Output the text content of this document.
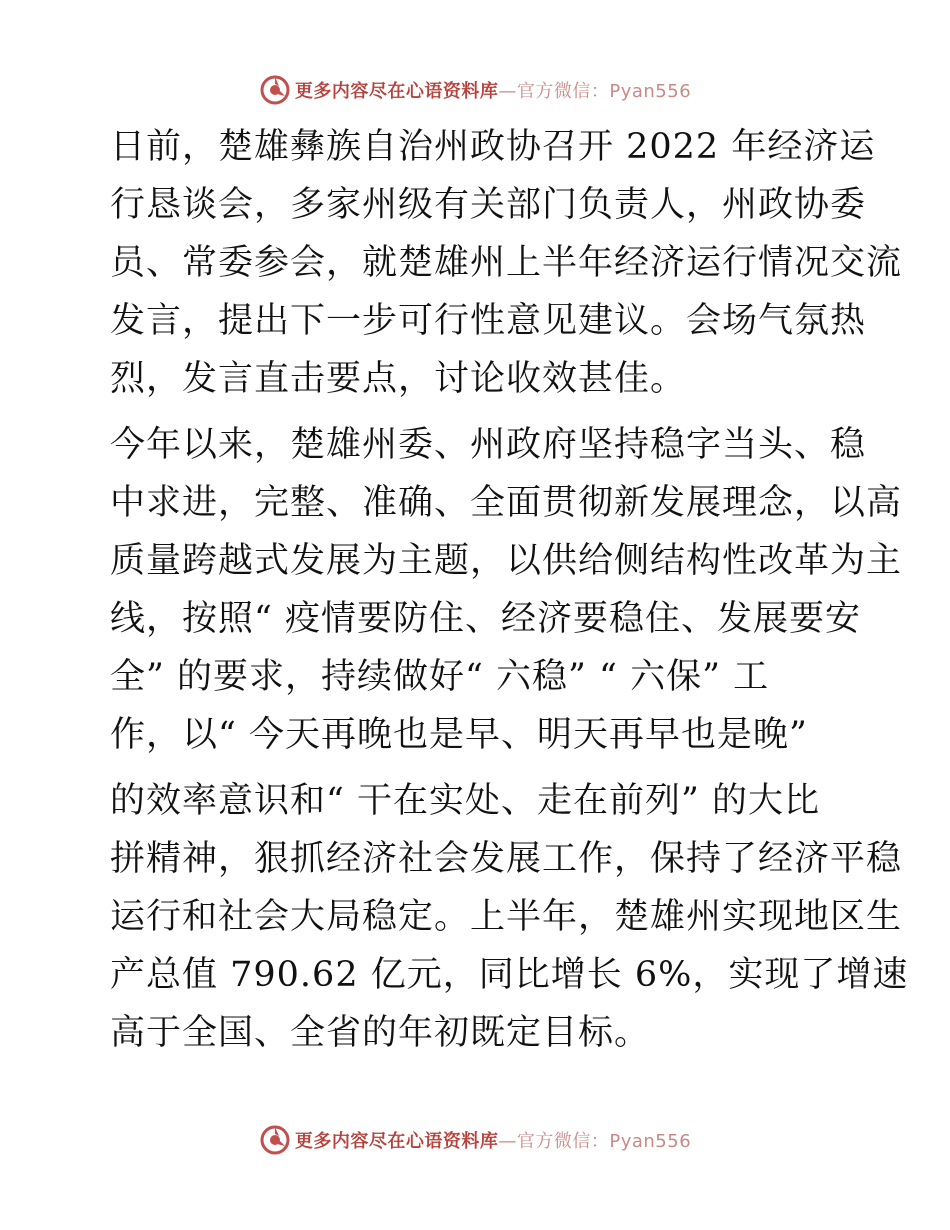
更多内容尽在心语资料库—官方微信：Pyan556

日前，楚雄彝族自治州政协召开 2022 年经济运
行恳谈会，多家州级有关部门负责人，州政协委
员、常委参会，就楚雄州上半年经济运行情况交流
发言，提出下一步可行性意见建议。会场气氛热
烈，发言直击要点，讨论收效甚佳。

今年以来，楚雄州委、州政府坚持稳字当头、稳
中求进，完整、准确、全面贯彻新发展理念，以高
质量跨越式发展为主题，以供给侧结构性改革为主
线，按照“ 疫情要防住、经济要稳住、发展要安
全” 的要求，持续做好“ 六稳” “ 六保” 工
作，以“ 今天再晚也是早、明天再早也是晚”

的效率意识和“ 干在实处、走在前列” 的大比
拼精神，狠抓经济社会发展工作，保持了经济平稳
运行和社会大局稳定。上半年，楚雄州实现地区生
产总值 790.62 亿元，同比增长 6%，实现了增速
高于全国、全省的年初既定目标。

更多内容尽在心语资料库—官方微信：Pyan556
